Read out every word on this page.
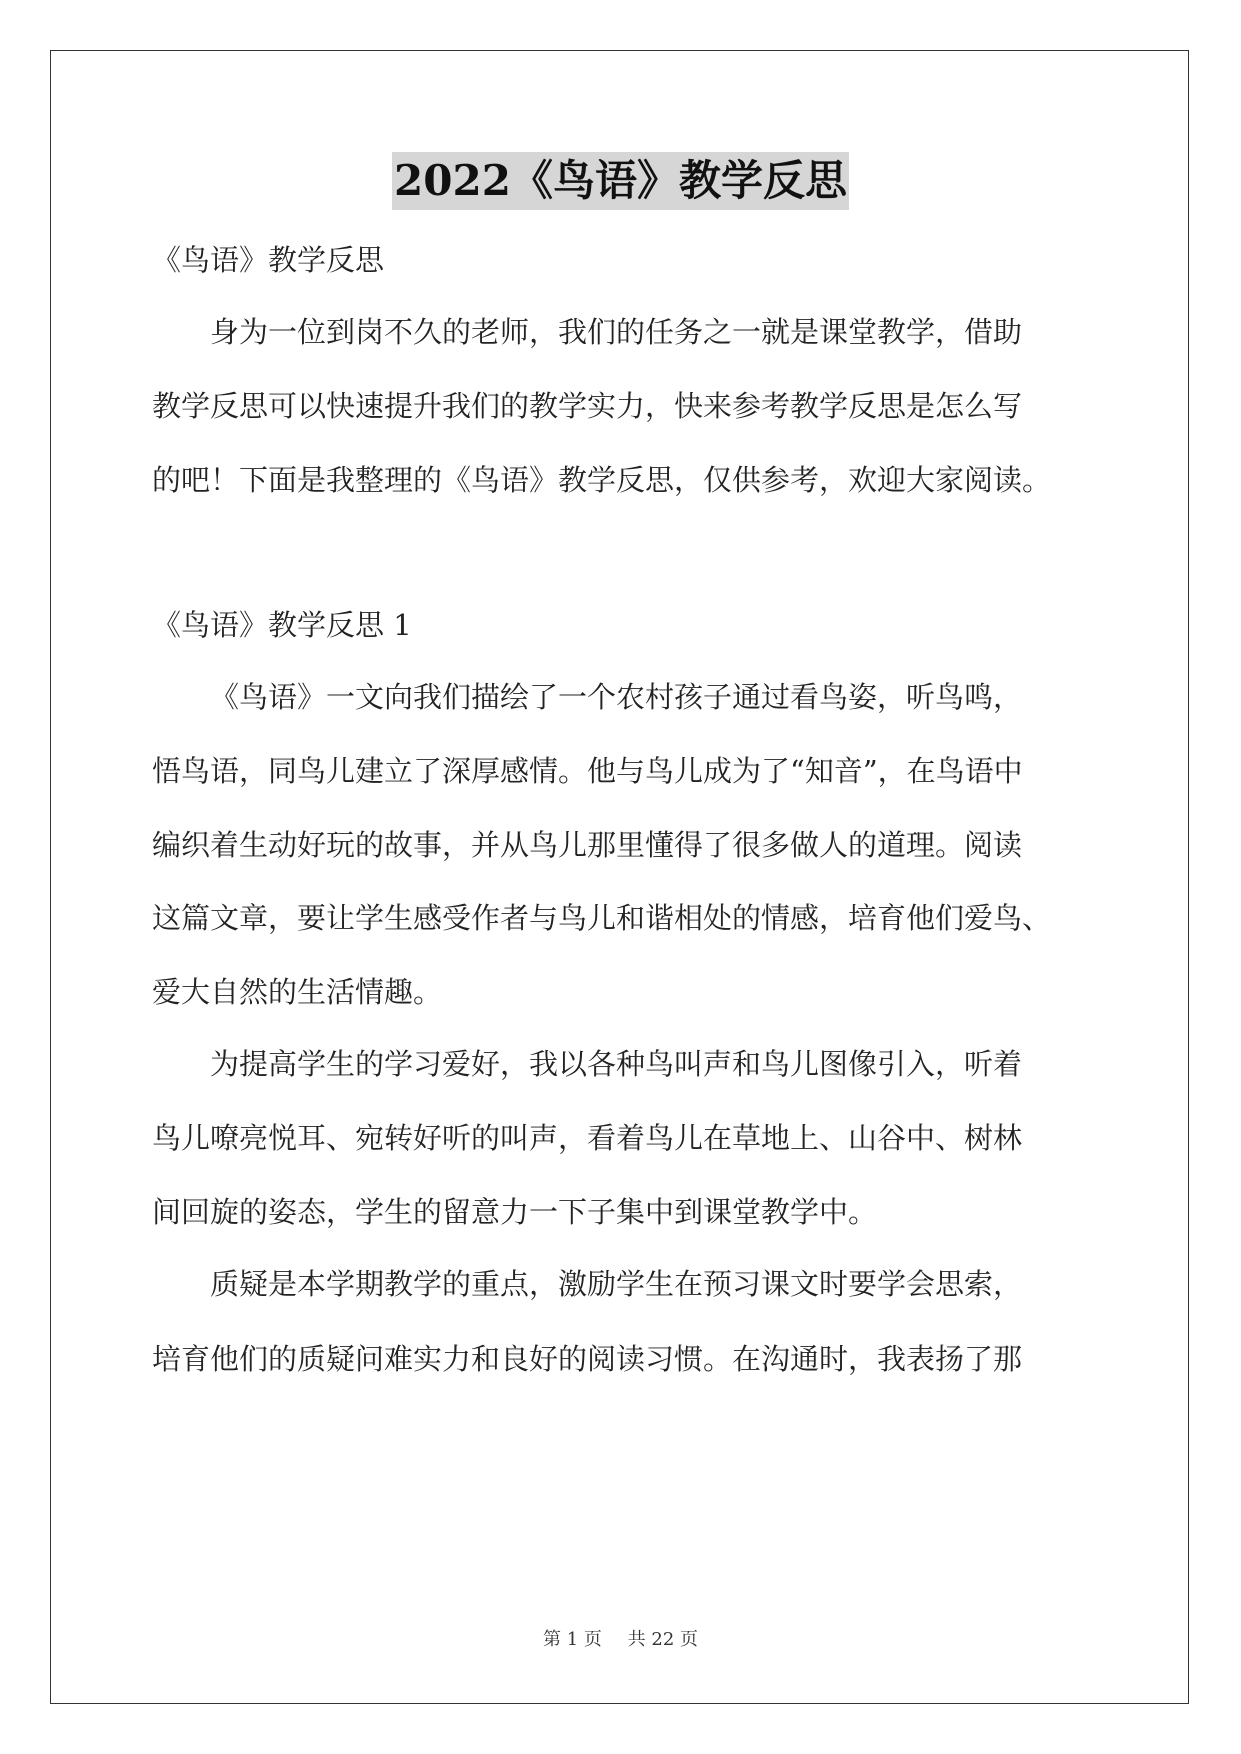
2022《鸟语》教学反思
《鸟语》教学反思
身为一位到岗不久的老师，我们的任务之一就是课堂教学，借助
教学反思可以快速提升我们的教学实力，快来参考教学反思是怎么写
的吧！下面是我整理的《鸟语》教学反思，仅供参考，欢迎大家阅读。
《鸟语》教学反思 1
《鸟语》一文向我们描绘了一个农村孩子通过看鸟姿，听鸟鸣，
悟鸟语，同鸟儿建立了深厚感情。他与鸟儿成为了“知音”，在鸟语中
编织着生动好玩的故事，并从鸟儿那里懂得了很多做人的道理。阅读
这篇文章，要让学生感受作者与鸟儿和谐相处的情感，培育他们爱鸟、
爱大自然的生活情趣。
为提高学生的学习爱好，我以各种鸟叫声和鸟儿图像引入，听着
鸟儿嘹亮悦耳、宛转好听的叫声，看着鸟儿在草地上、山谷中、树林
间回旋的姿态，学生的留意力一下子集中到课堂教学中。
质疑是本学期教学的重点，激励学生在预习课文时要学会思索，
培育他们的质疑问难实力和良好的阅读习惯。在沟通时，我表扬了那
第 1 页 共 22 页
